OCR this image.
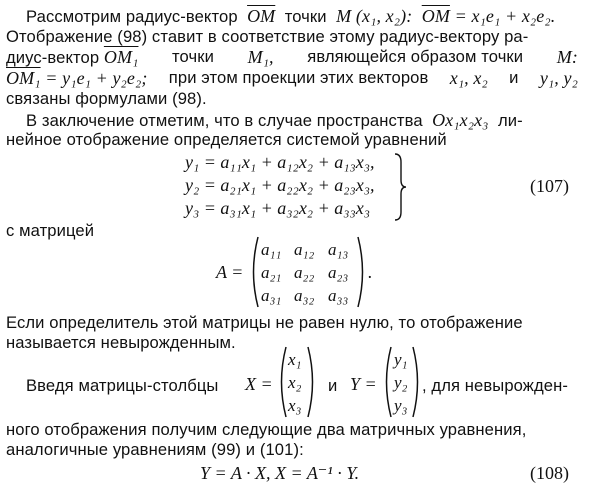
Рассмотрим радиус-вектор $\overline{OM}$ точки M (x₁, x₂): $\overline{OM} = x_1e_1 + x_2e_2$.
Отображение (98) ставит в соответствие этому радиус-вектору ра-
диус-вектор OM₁ точки M₁, являющейся образом точки M:
OM₁ = y₁e₁ + y₂e₂; при этом проекции этих векторов x₁, x₂ и y₁, y₂
связаны формулами (98).
В заключение отметим, что в случае пространства Ox₁x₂x₃ ли-
нейное отображение определяется системой уравнений
y₁ = a₁₁x₁ + a₁₂x₂ + a₁₃x₃,
y₂ = a₂₁x₁ + a₂₂x₂ + a₂₃x₃,
y₃ = a₃₁x₁ + a₃₂x₂ + a₃₃x₃
(107)
с матрицей
A =
a₁₁ a₁₂ a₁₃
a₂₁ a₂₂ a₂₃
a₃₁ a₃₂ a₃₃
.
Если определитель этой матрицы не равен нулю, то отображение
называется невырожденным.
Введя матрицы-столбцы X =
x₁
x₂
x₃
и Y =
y₁
y₂
y₃
, для невырожден-
ного отображения получим следующие два матричных уравнения,
аналогичные уравнениям (99) и (101):
Y = A · X, X = A⁻¹ · Y.	(108)
